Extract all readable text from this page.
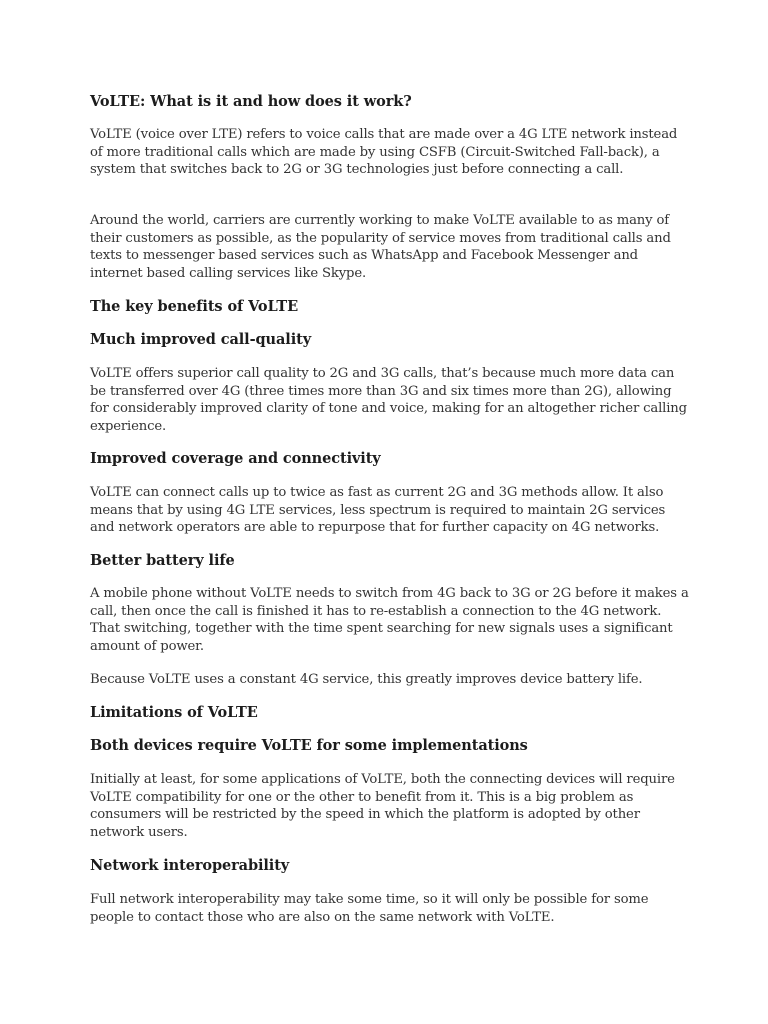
VoLTE: What is it and how does it work?

VoLTE (voice over LTE) refers to voice calls that are made over a 4G LTE network instead of more traditional calls which are made by using CSFB (Circuit-Switched Fall-back), a system that switches back to 2G or 3G technologies just before connecting a call.

Around the world, carriers are currently working to make VoLTE available to as many of their customers as possible, as the popularity of service moves from traditional calls and texts to messenger based services such as WhatsApp and Facebook Messenger and internet based calling services like Skype.

The key benefits of VoLTE
Much improved call-quality

VoLTE offers superior call quality to 2G and 3G calls, that’s because much more data can be transferred over 4G (three times more than 3G and six times more than 2G), allowing for considerably improved clarity of tone and voice, making for an altogether richer calling experience.

Improved coverage and connectivity

VoLTE can connect calls up to twice as fast as current 2G and 3G methods allow. It also means that by using 4G LTE services, less spectrum is required to maintain 2G services and network operators are able to repurpose that for further capacity on 4G networks.

Better battery life

A mobile phone without VoLTE needs to switch from 4G back to 3G or 2G before it makes a call, then once the call is finished it has to re-establish a connection to the 4G network. That switching, together with the time spent searching for new signals uses a significant amount of power.

Because VoLTE uses a constant 4G service, this greatly improves device battery life.

Limitations of VoLTE
Both devices require VoLTE for some implementations

Initially at least, for some applications of VoLTE, both the connecting devices will require VoLTE compatibility for one or the other to benefit from it. This is a big problem as consumers will be restricted by the speed in which the platform is adopted by other network users.

Network interoperability

Full network interoperability may take some time, so it will only be possible for some people to contact those who are also on the same network with VoLTE.
